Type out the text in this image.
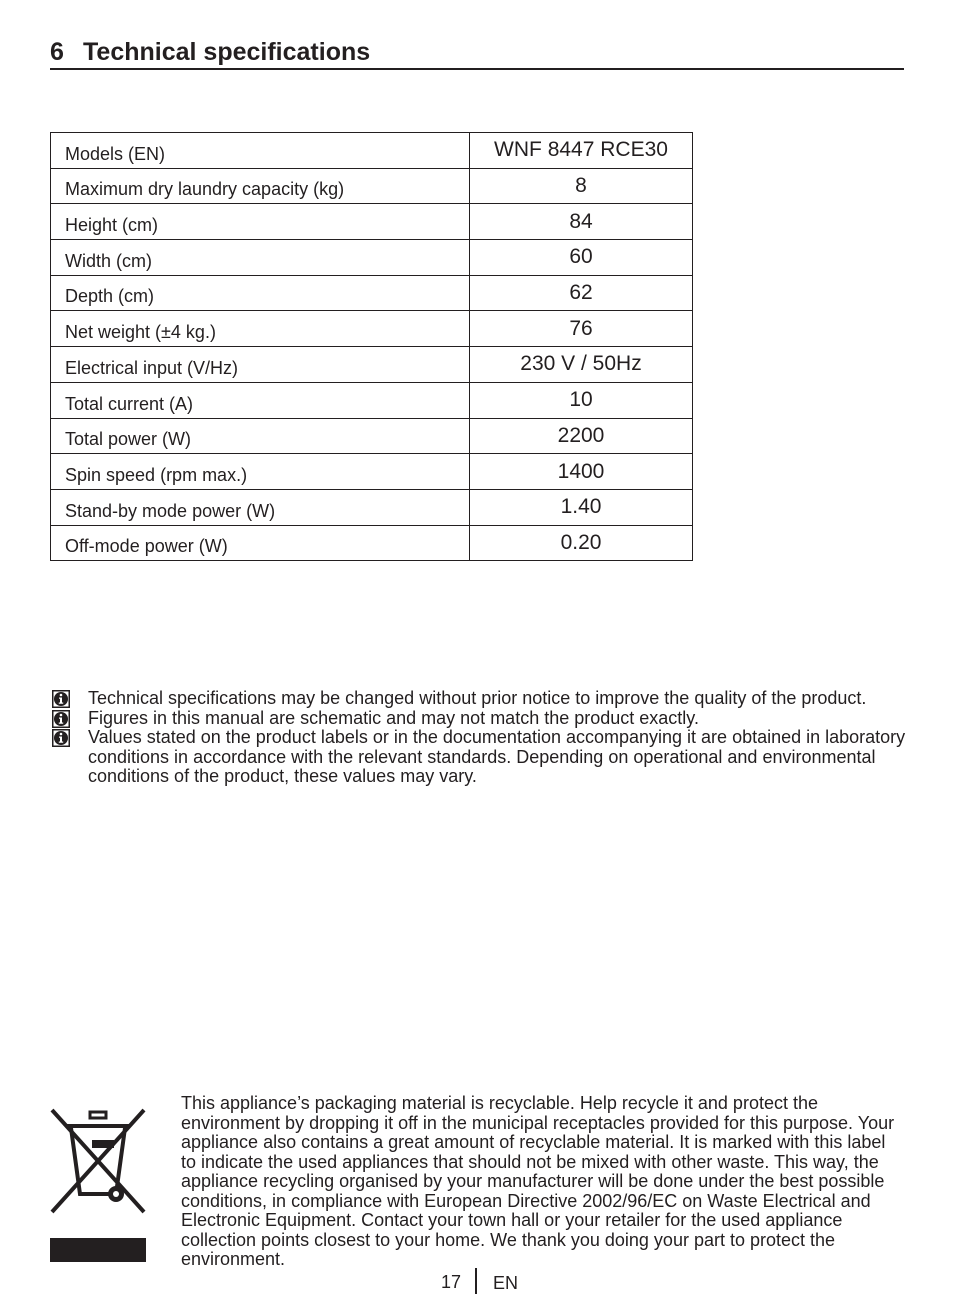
6 Technical specifications
Models (EN)	WNF 8447 RCE30
Maximum dry laundry capacity (kg)	8
Height (cm)	84
Width (cm)	60
Depth (cm)	62
Net weight (±4 kg.)	76
Electrical input (V/Hz)	230 V / 50Hz
Total current (A)	10
Total power (W)	2200
Spin speed (rpm max.)	1400
Stand-by mode power (W)	1.40
Off-mode power (W)	0.20
Technical specifications may be changed without prior notice to improve the quality of the product.
Figures in this manual are schematic and may not match the product exactly.
Values stated on the product labels or in the documentation accompanying it are obtained in laboratory conditions in accordance with the relevant standards. Depending on operational and environmental conditions of the product, these values may vary.
This appliance’s packaging material is recyclable. Help recycle it and protect the environment by dropping it off in the municipal receptacles provided for this purpose. Your appliance also contains a great amount of recyclable material. It is marked with this label to indicate the used appliances that should not be mixed with other waste. This way, the appliance recycling organised by your manufacturer will be done under the best possible conditions, in compliance with European Directive 2002/96/EC on Waste Electrical and Electronic Equipment. Contact your town hall or your retailer for the used appliance collection points closest to your home. We thank you doing your part to protect the environment.
17 EN
